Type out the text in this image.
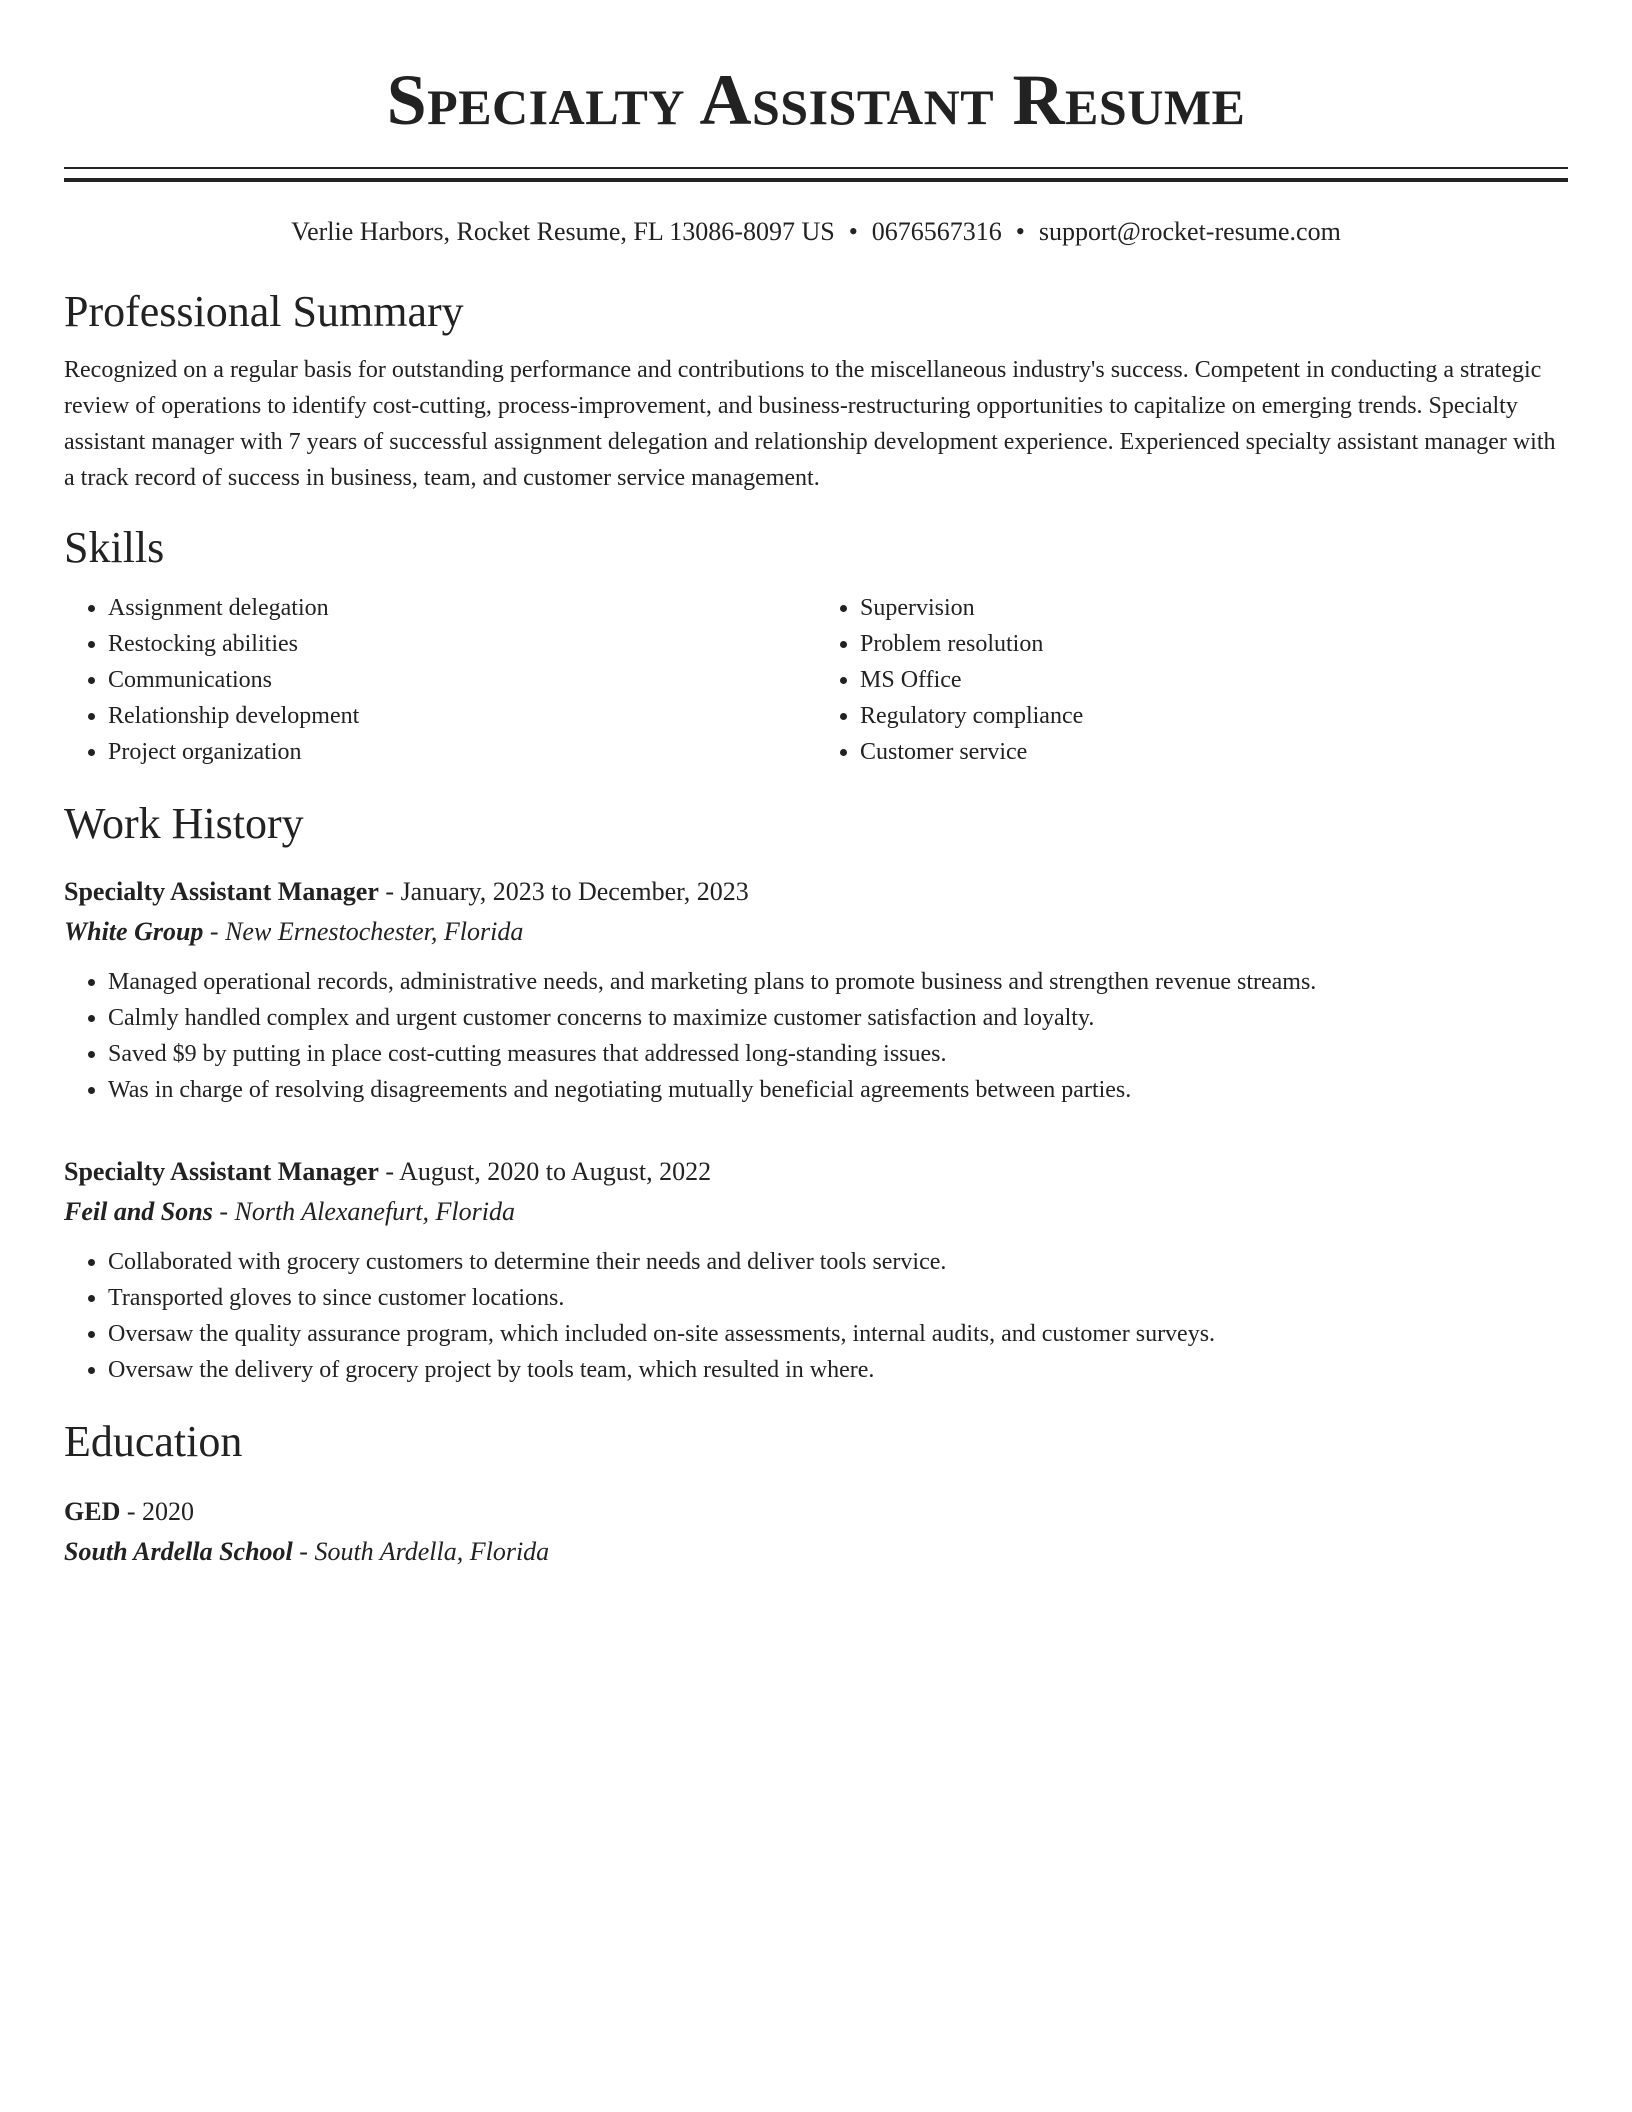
Specialty Assistant Resume
Verlie Harbors, Rocket Resume, FL 13086-8097 US • 0676567316 • support@rocket-resume.com
Professional Summary

Recognized on a regular basis for outstanding performance and contributions to the miscellaneous industry's success. Competent in conducting a strategic review of operations to identify cost-cutting, process-improvement, and business-restructuring opportunities to capitalize on emerging trends. Specialty assistant manager with 7 years of successful assignment delegation and relationship development experience. Experienced specialty assistant manager with a track record of success in business, team, and customer service management.

Skills
• Assignment delegation
• Restocking abilities
• Communications
• Relationship development
• Project organization
• Supervision
• Problem resolution
• MS Office
• Regulatory compliance
• Customer service
Work History
Specialty Assistant Manager - January, 2023 to December, 2023
White Group - New Ernestochester, Florida
• Managed operational records, administrative needs, and marketing plans to promote business and strengthen revenue streams.
• Calmly handled complex and urgent customer concerns to maximize customer satisfaction and loyalty.
• Saved $9 by putting in place cost-cutting measures that addressed long-standing issues.
• Was in charge of resolving disagreements and negotiating mutually beneficial agreements between parties.
Specialty Assistant Manager - August, 2020 to August, 2022
Feil and Sons - North Alexanefurt, Florida
• Collaborated with grocery customers to determine their needs and deliver tools service.
• Transported gloves to since customer locations.
• Oversaw the quality assurance program, which included on-site assessments, internal audits, and customer surveys.
• Oversaw the delivery of grocery project by tools team, which resulted in where.
Education
GED - 2020
South Ardella School - South Ardella, Florida
